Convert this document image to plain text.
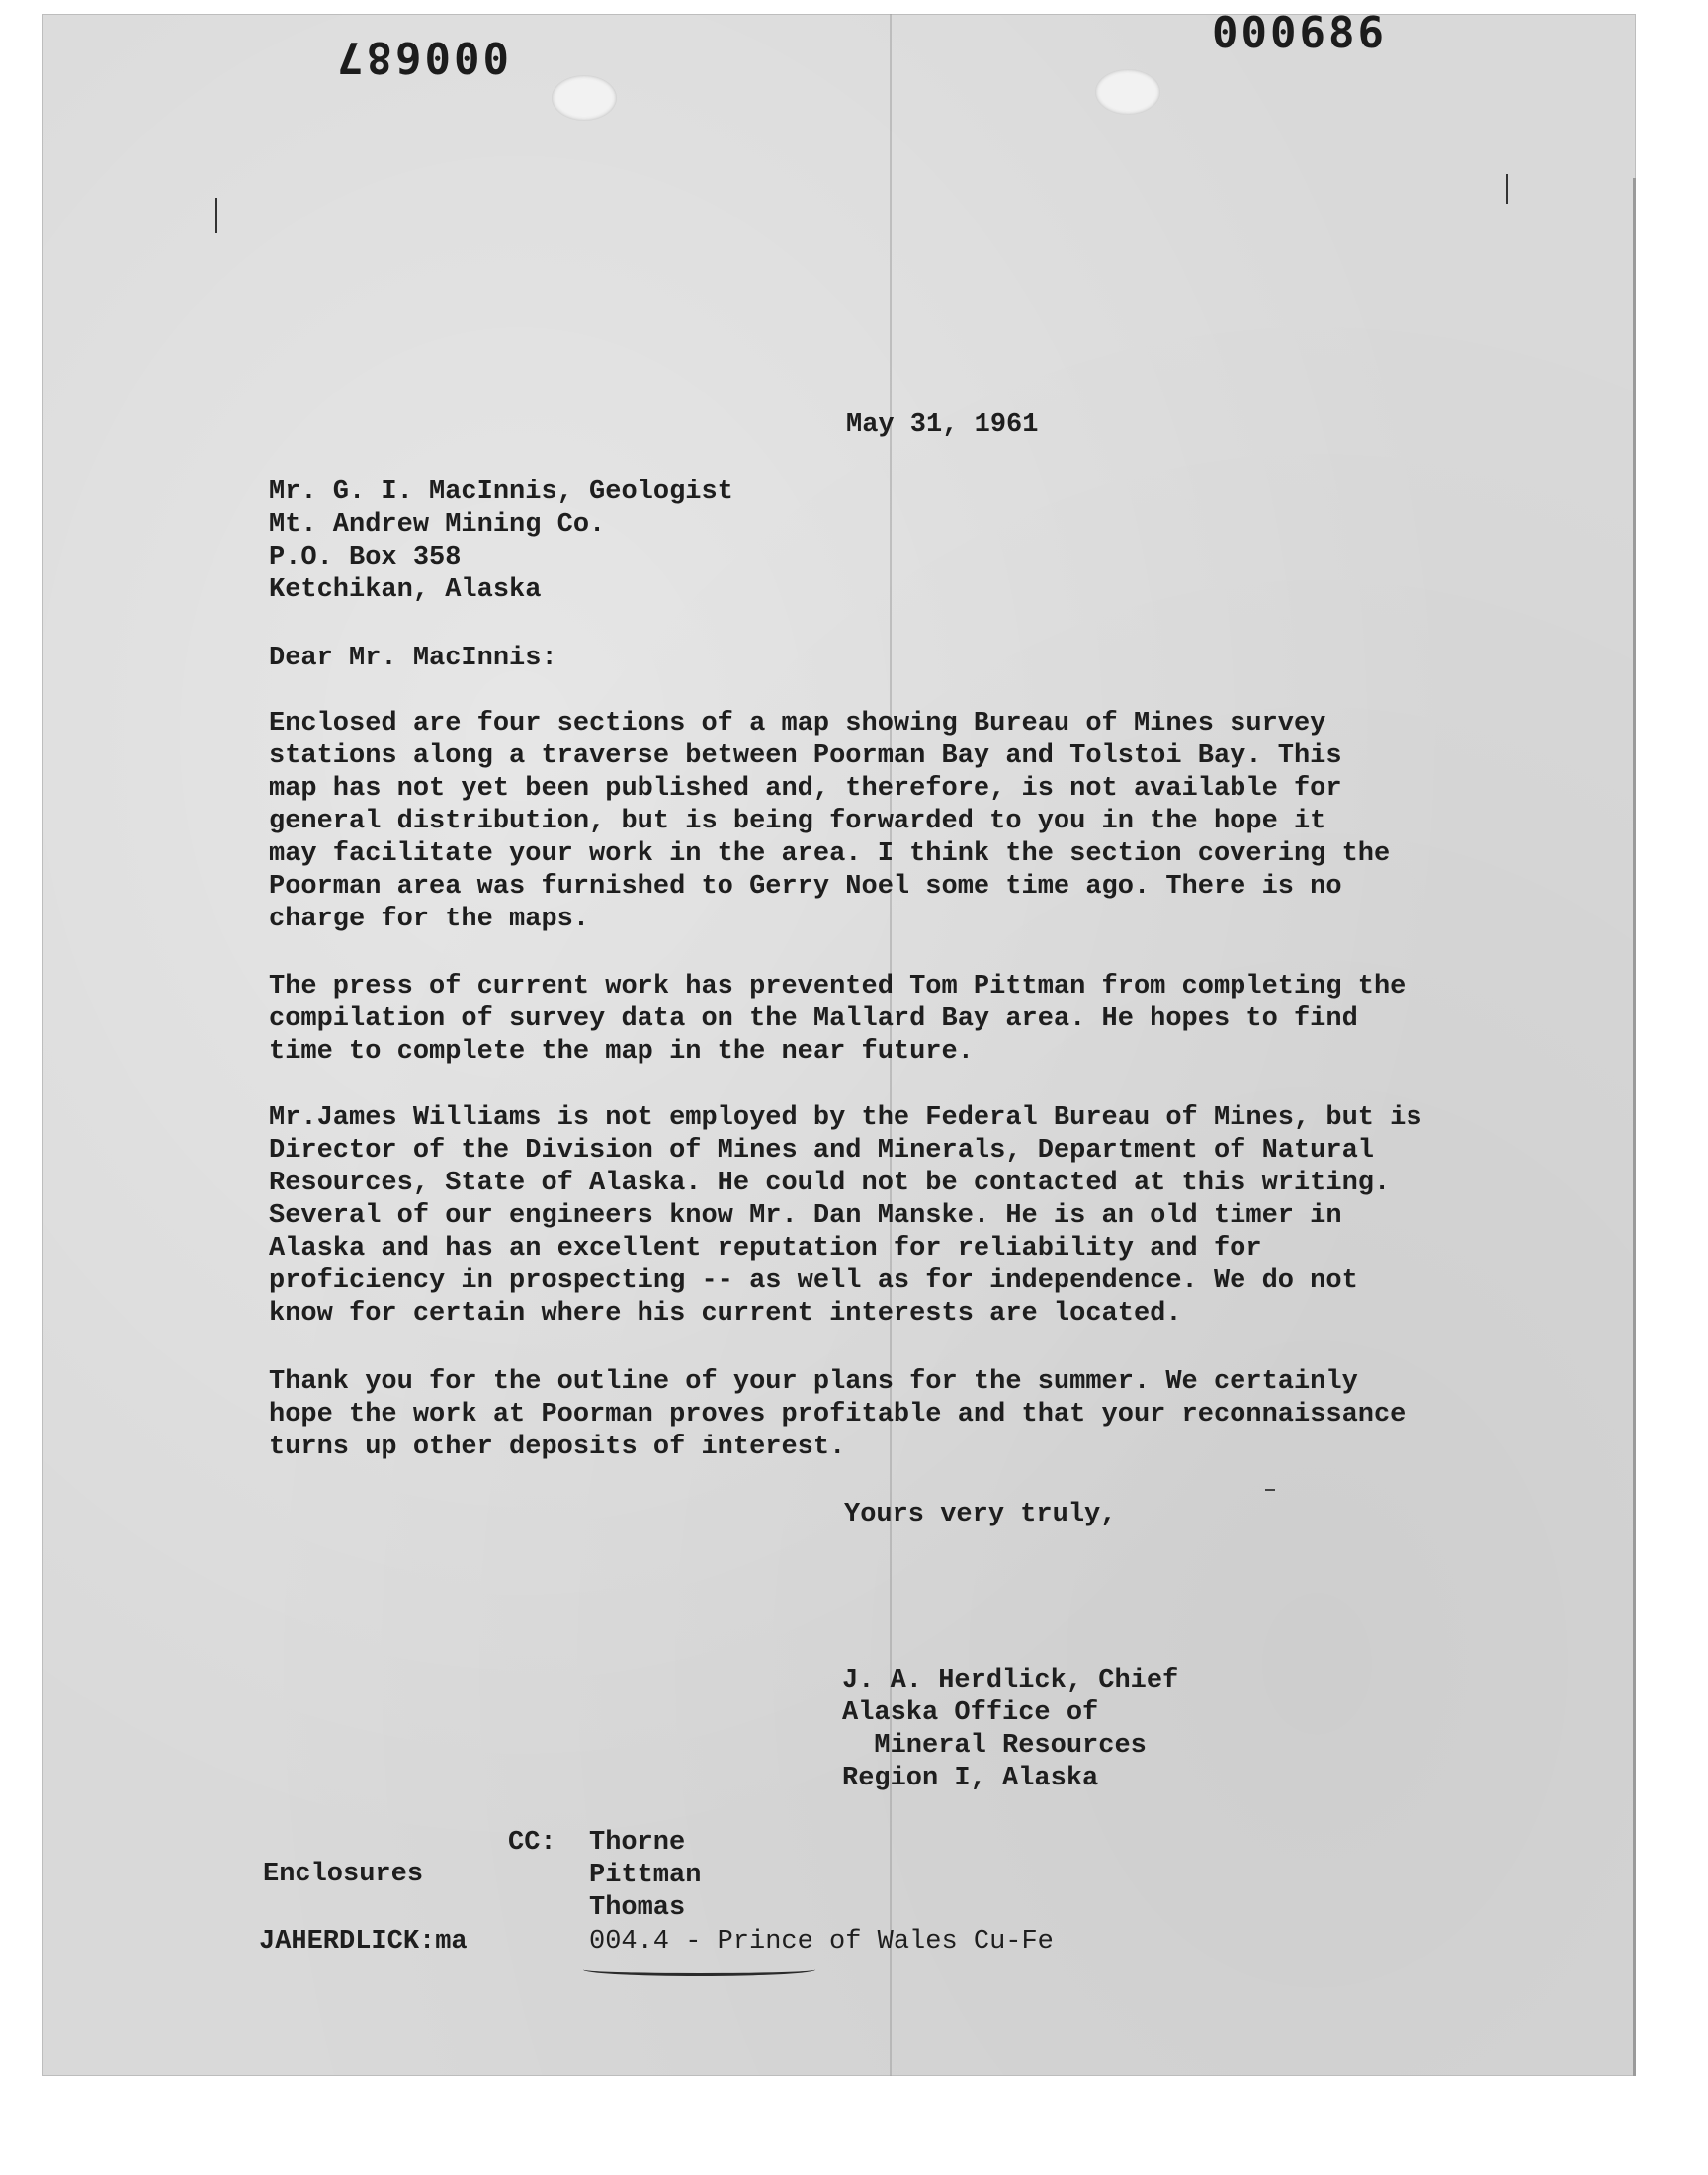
000687	000686

May 31, 1961

Mr. G. I. MacInnis, Geologist

Mt. Andrew Mining Co.

P.O. Box 358

Ketchikan, Alaska

Dear Mr. MacInnis:

Enclosed are four sections of a map showing Bureau of Mines survey

stations along a traverse between Poorman Bay and Tolstoi Bay. This

map has not yet been published and, therefore, is not available for

general distribution, but is being forwarded to you in the hope it

may facilitate your work in the area. I think the section covering the

Poorman area was furnished to Gerry Noel some time ago. There is no

charge for the maps.

The press of current work has prevented Tom Pittman from completing the

compilation of survey data on the Mallard Bay area. He hopes to find

time to complete the map in the near future.

Mr.James Williams is not employed by the Federal Bureau of Mines, but is

Director of the Division of Mines and Minerals, Department of Natural

Resources, State of Alaska. He could not be contacted at this writing.

Several of our engineers know Mr. Dan Manske. He is an old timer in

Alaska and has an excellent reputation for reliability and for

proficiency in prospecting -- as well as for independence. We do not

know for certain where his current interests are located.

Thank you for the outline of your plans for the summer. We certainly

hope the work at Poorman proves profitable and that your reconnaissance

turns up other deposits of interest.

Yours very truly,

J. A. Herdlick, Chief

Alaska Office of

Mineral Resources

Region I, Alaska

CC: Thorne

Pittman

Thomas

Enclosures

JAHERDLICK:ma	004.4 - Prince of Wales Cu-Fe
